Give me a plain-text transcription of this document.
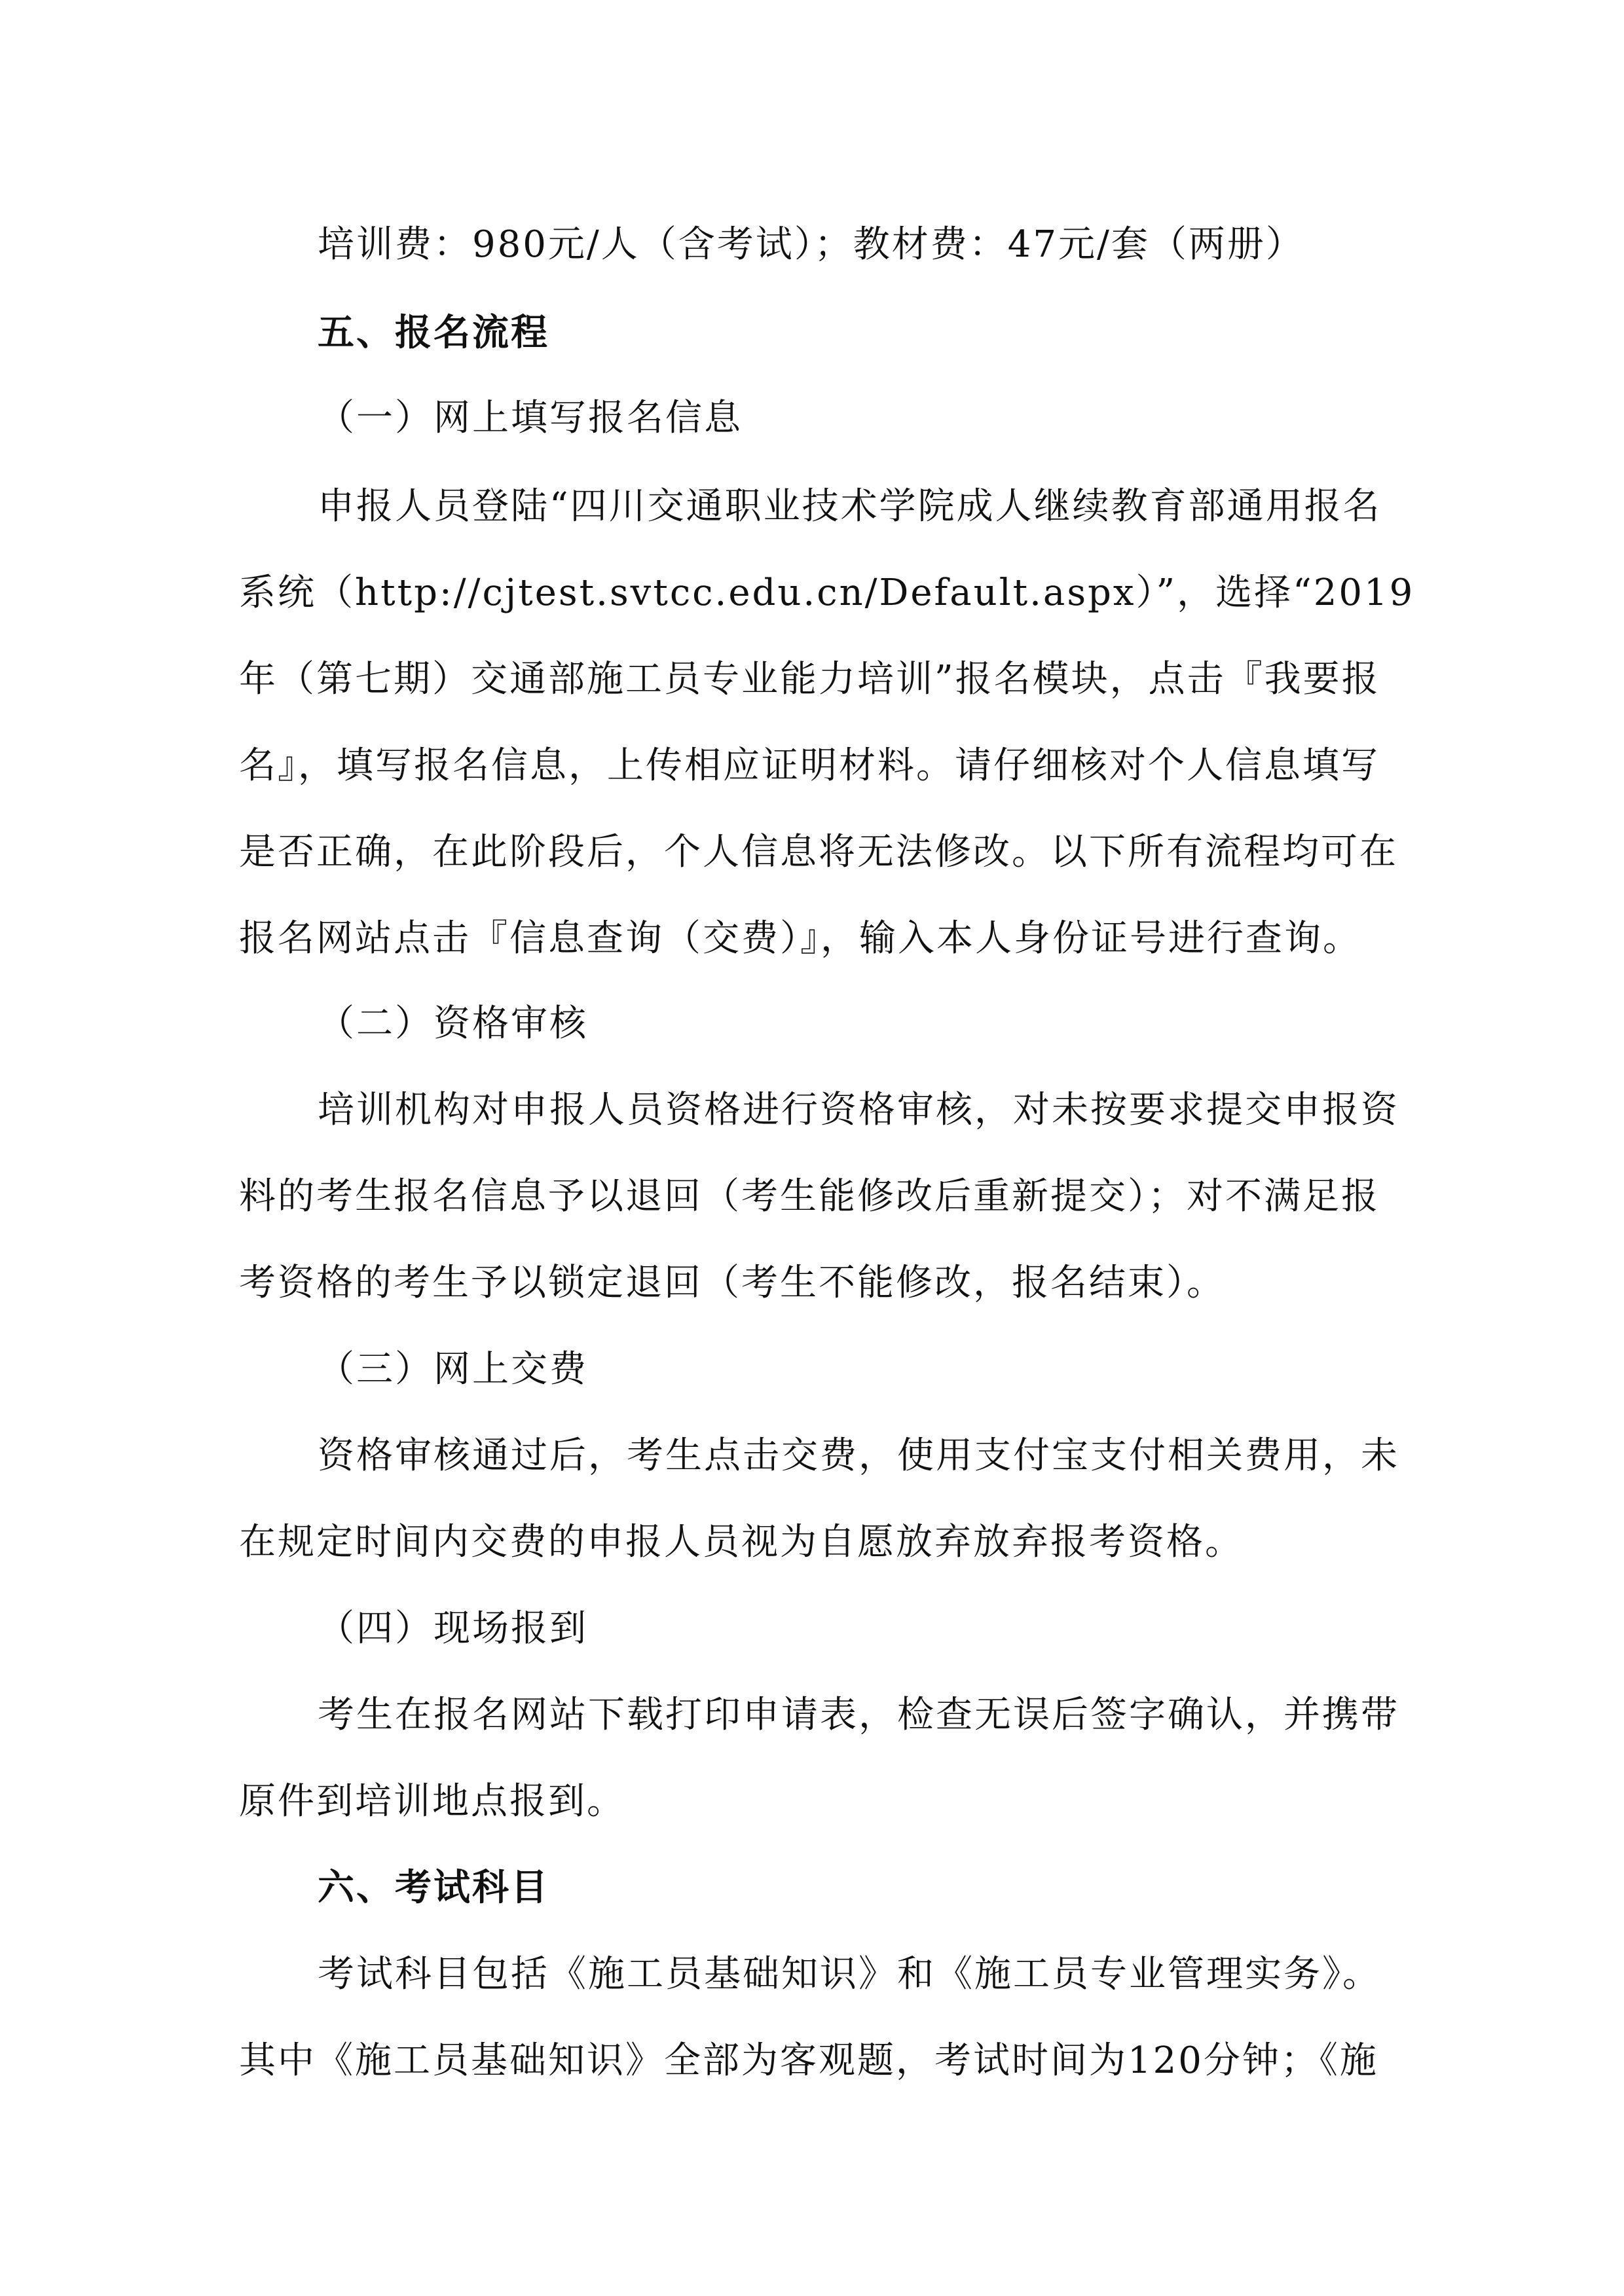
培训费：980元/人（含考试）；教材费：47元/套（两册）
五、报名流程
（一）网上填写报名信息
申报人员登陆“四川交通职业技术学院成人继续教育部通用报名
系统（http://cjtest.svtcc.edu.cn/Default.aspx）”，选择“2019
年（第七期）交通部施工员专业能力培训”报名模块，点击『我要报
名』，填写报名信息，上传相应证明材料。请仔细核对个人信息填写
是否正确，在此阶段后，个人信息将无法修改。以下所有流程均可在
报名网站点击『信息查询（交费）』，输入本人身份证号进行查询。
（二）资格审核
培训机构对申报人员资格进行资格审核，对未按要求提交申报资
料的考生报名信息予以退回（考生能修改后重新提交）；对不满足报
考资格的考生予以锁定退回（考生不能修改，报名结束）。
（三）网上交费
资格审核通过后，考生点击交费，使用支付宝支付相关费用，未
在规定时间内交费的申报人员视为自愿放弃放弃报考资格。
（四）现场报到
考生在报名网站下载打印申请表，检查无误后签字确认，并携带
原件到培训地点报到。
六、考试科目
考试科目包括《施工员基础知识》和《施工员专业管理实务》。
其中《施工员基础知识》全部为客观题，考试时间为120分钟；《施
